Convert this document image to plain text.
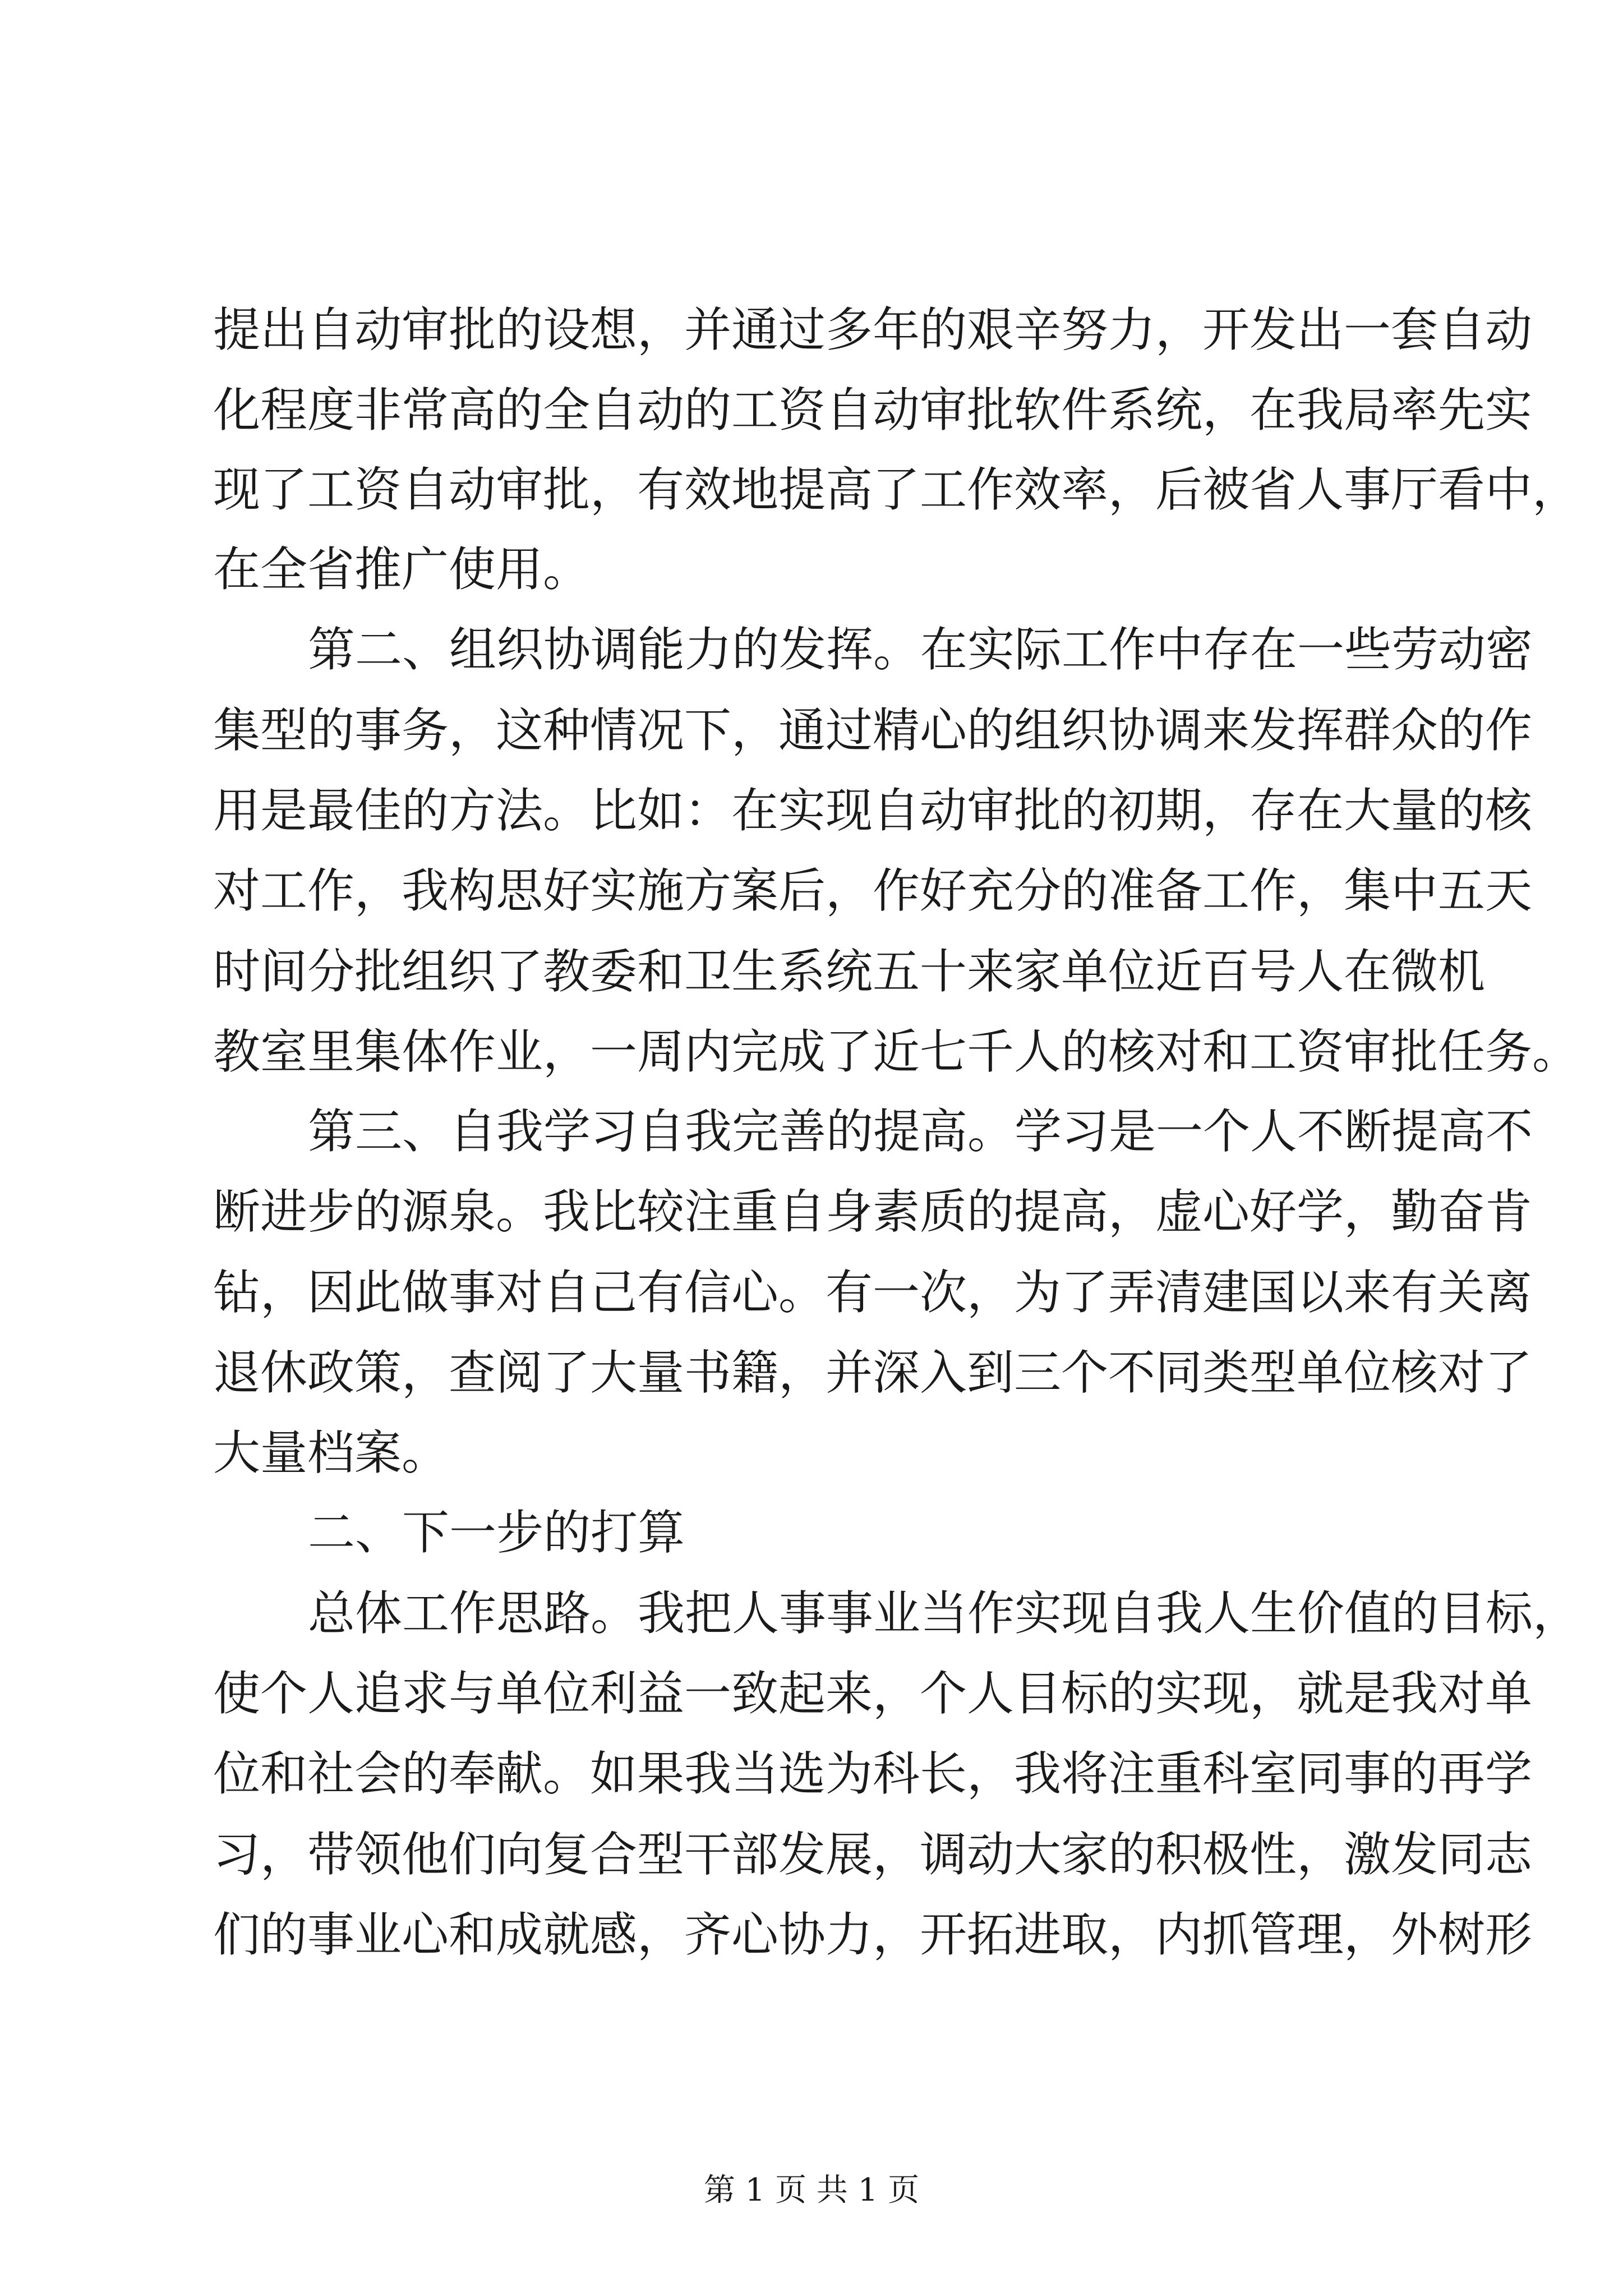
提出自动审批的设想，并通过多年的艰辛努力，开发出一套自动

化程度非常高的全自动的工资自动审批软件系统，在我局率先实

现了工资自动审批，有效地提高了工作效率，后被省人事厅看中，

在全省推广使用。

第二、组织协调能力的发挥。在实际工作中存在一些劳动密

集型的事务，这种情况下，通过精心的组织协调来发挥群众的作

用是最佳的方法。比如：在实现自动审批的初期，存在大量的核

对工作，我构思好实施方案后，作好充分的准备工作，集中五天

时间分批组织了教委和卫生系统五十来家单位近百号人在微机

教室里集体作业，一周内完成了近七千人的核对和工资审批任务。

第三、自我学习自我完善的提高。学习是一个人不断提高不

断进步的源泉。我比较注重自身素质的提高，虚心好学，勤奋肯

钻，因此做事对自己有信心。有一次，为了弄清建国以来有关离

退休政策，查阅了大量书籍，并深入到三个不同类型单位核对了

大量档案。

二、下一步的打算

总体工作思路。我把人事事业当作实现自我人生价值的目标，

使个人追求与单位利益一致起来，个人目标的实现，就是我对单

位和社会的奉献。如果我当选为科长，我将注重科室同事的再学

习，带领他们向复合型干部发展，调动大家的积极性，激发同志

们的事业心和成就感，齐心协力，开拓进取，内抓管理，外树形

第 1 页 共 1 页
